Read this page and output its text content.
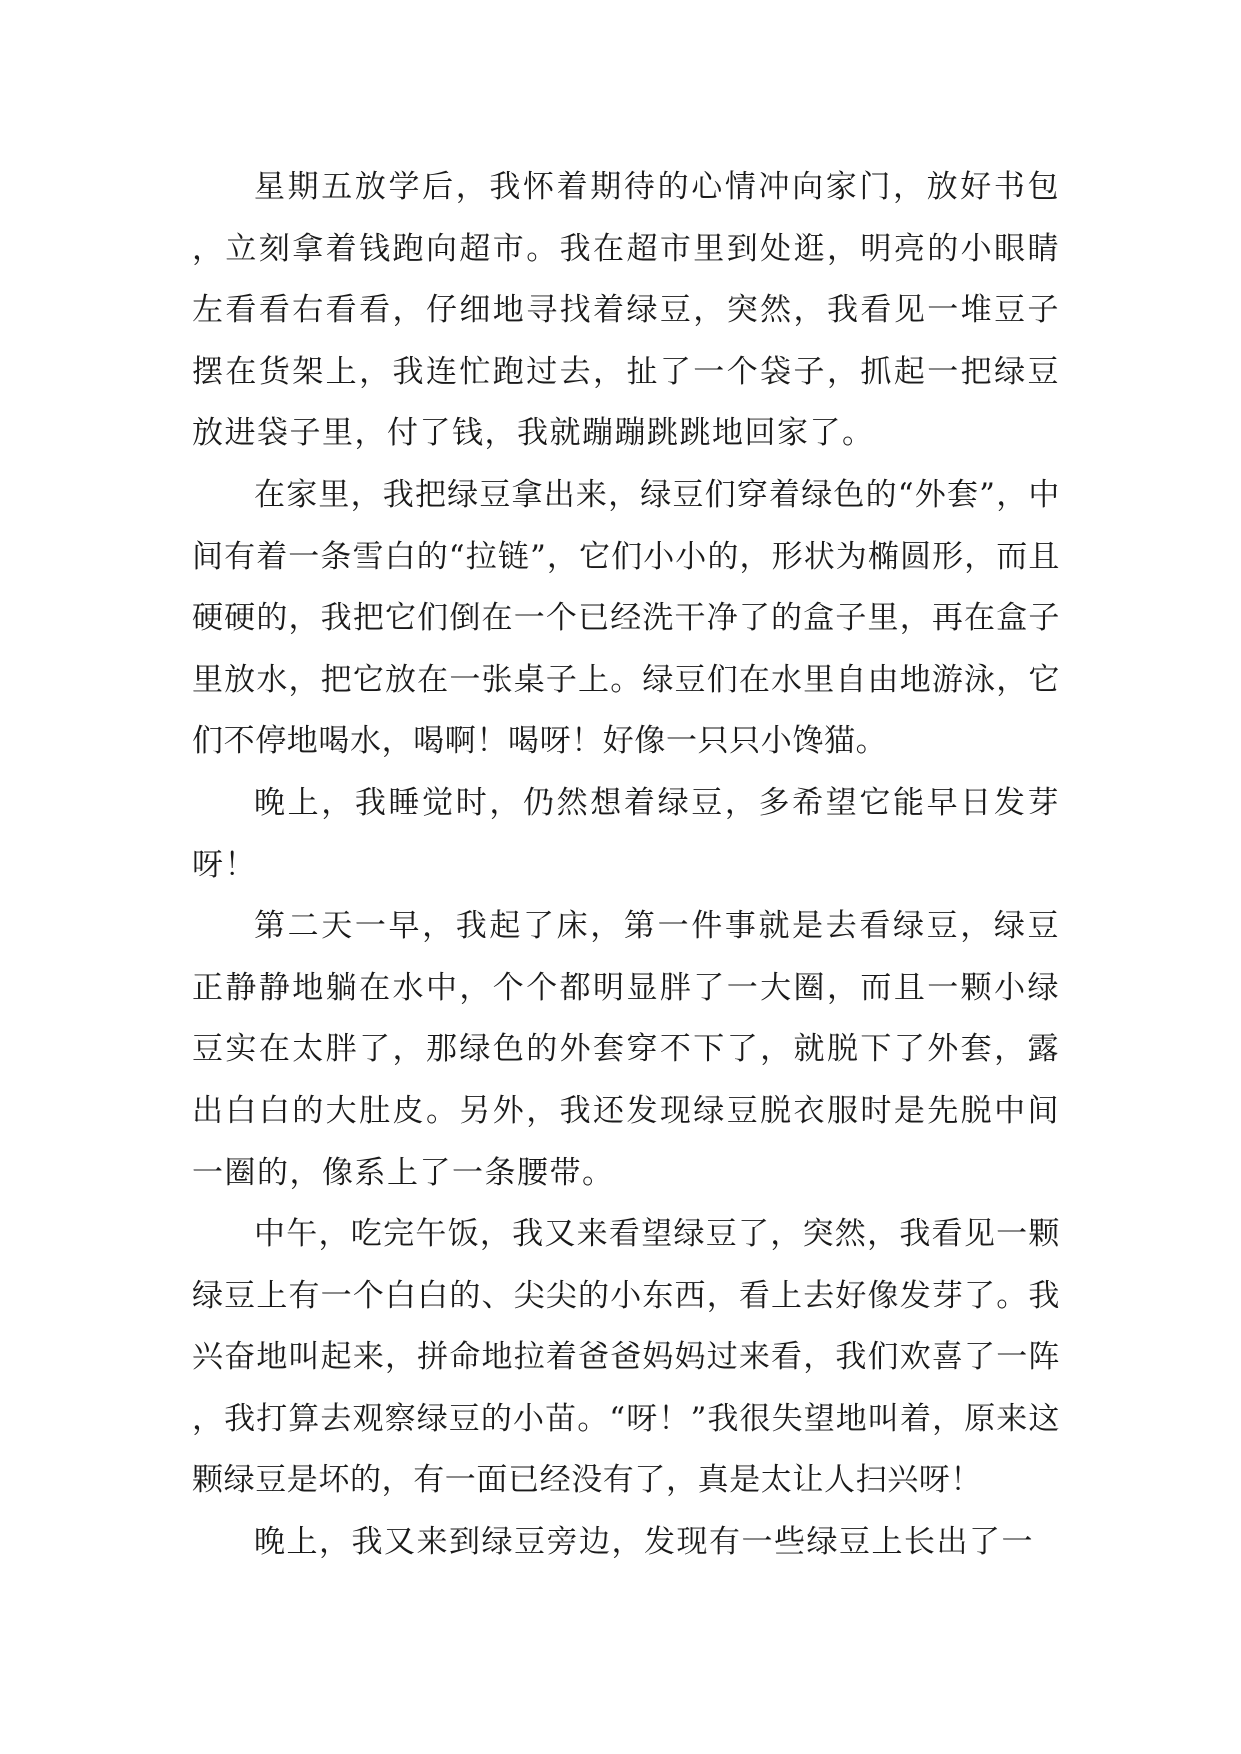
星期五放学后，我怀着期待的心情冲向家门，放好书包，立刻拿着钱跑向超市。我在超市里到处逛，明亮的小眼睛左看看右看看，仔细地寻找着绿豆，突然，我看见一堆豆子摆在货架上，我连忙跑过去，扯了一个袋子，抓起一把绿豆放进袋子里，付了钱，我就蹦蹦跳跳地回家了。

在家里，我把绿豆拿出来，绿豆们穿着绿色的“外套”，中间有着一条雪白的“拉链”，它们小小的，形状为椭圆形，而且硬硬的，我把它们倒在一个已经洗干净了的盒子里，再在盒子里放水，把它放在一张桌子上。绿豆们在水里自由地游泳，它们不停地喝水，喝啊！喝呀！好像一只只小馋猫。

晚上，我睡觉时，仍然想着绿豆，多希望它能早日发芽呀！

第二天一早，我起了床，第一件事就是去看绿豆，绿豆正静静地躺在水中，个个都明显胖了一大圈，而且一颗小绿豆实在太胖了，那绿色的外套穿不下了，就脱下了外套，露出白白的大肚皮。另外，我还发现绿豆脱衣服时是先脱中间一圈的，像系上了一条腰带。

中午，吃完午饭，我又来看望绿豆了，突然，我看见一颗绿豆上有一个白白的、尖尖的小东西，看上去好像发芽了。我兴奋地叫起来，拼命地拉着爸爸妈妈过来看，我们欢喜了一阵，我打算去观察绿豆的小苗。“呀！”我很失望地叫着，原来这颗绿豆是坏的，有一面已经没有了，真是太让人扫兴呀！

晚上，我又来到绿豆旁边，发现有一些绿豆上长出了一
